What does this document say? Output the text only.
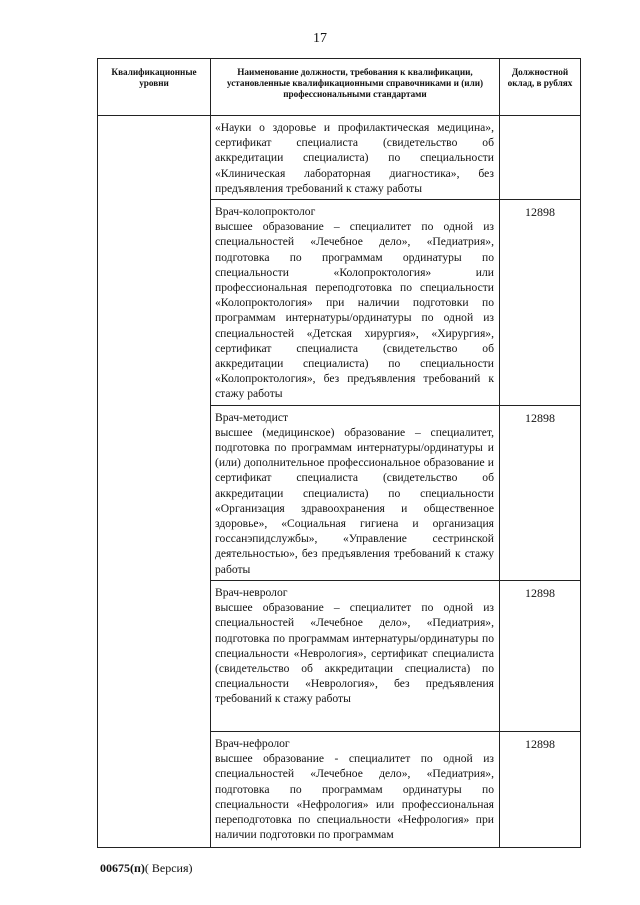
17
Квалификационные уровни	Наименование должности, требования к квалификации, установленные квалификационными справочниками и (или) профессиональными стандартами	Должностной оклад, в рублях

	«Науки о здоровье и профилактическая медицина», сертификат специалиста (свидетельство об аккредитации специалиста) по специальности «Клиническая лабораторная диагностика», без предъявления требований к стажу работы	

	Врач-колопроктолог
высшее образование – специалитет по одной из специальностей «Лечебное дело», «Педиатрия», подготовка по программам ординатуры по специальности «Колопроктология» или профессиональная переподготовка по специальности «Колопроктология» при наличии подготовки по программам интернатуры/ординатуры по одной из специальностей «Детская хирургия», «Хирургия», сертификат специалиста (свидетельство об аккредитации специалиста) по специальности «Колопроктология», без предъявления требований к стажу работы	12898

	Врач-методист
высшее (медицинское) образование – специалитет, подготовка по программам интернатуры/ординатуры и (или) дополнительное профессиональное образование и сертификат специалиста (свидетельство об аккредитации специалиста) по специальности «Организация здравоохранения и общественное здоровье», «Социальная гигиена и организация госсанэпидслужбы», «Управление сестринской деятельностью», без предъявления требований к стажу работы	12898

	Врач-невролог
высшее образование – специалитет по одной из специальностей «Лечебное дело», «Педиатрия», подготовка по программам интернатуры/ординатуры по специальности «Неврология», сертификат специалиста (свидетельство об аккредитации специалиста) по специальности «Неврология», без предъявления требований к стажу работы	12898

	Врач-нефролог
высшее образование - специалитет по одной из специальностей «Лечебное дело», «Педиатрия», подготовка по программам ординатуры по специальности «Нефрология» или профессиональная переподготовка по специальности «Нефрология» при наличии подготовки по программам	12898
00675(п)( Версия)
